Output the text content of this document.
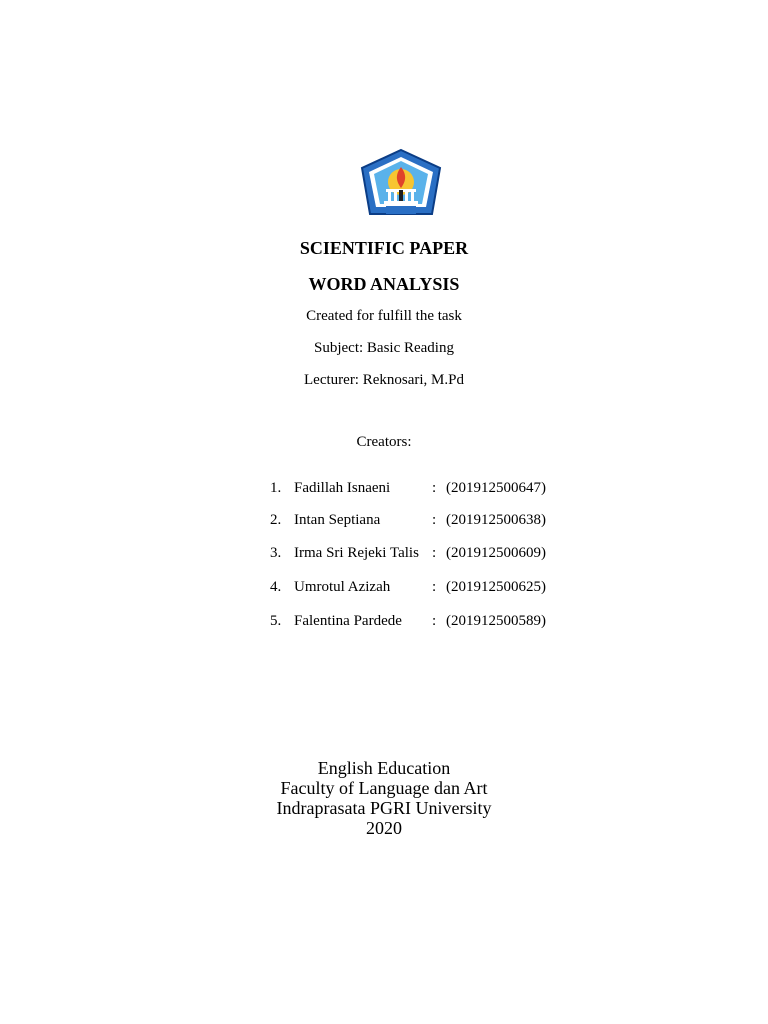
SCIENTIFIC PAPER
WORD ANALYSIS
Created for fulfill the task
Subject: Basic Reading
Lecturer: Reknosari, M.Pd
Creators:
1. Fadillah Isnaeni	: (201912500647)
2. Intan Septiana	: (201912500638)
3. Irma Sri Rejeki Talis : (201912500609)
4. Umrotul Azizah	: (201912500625)
5. Falentina Pardede : (201912500589)
English Education
Faculty of Language dan Art
Indraprasata PGRI University
2020
